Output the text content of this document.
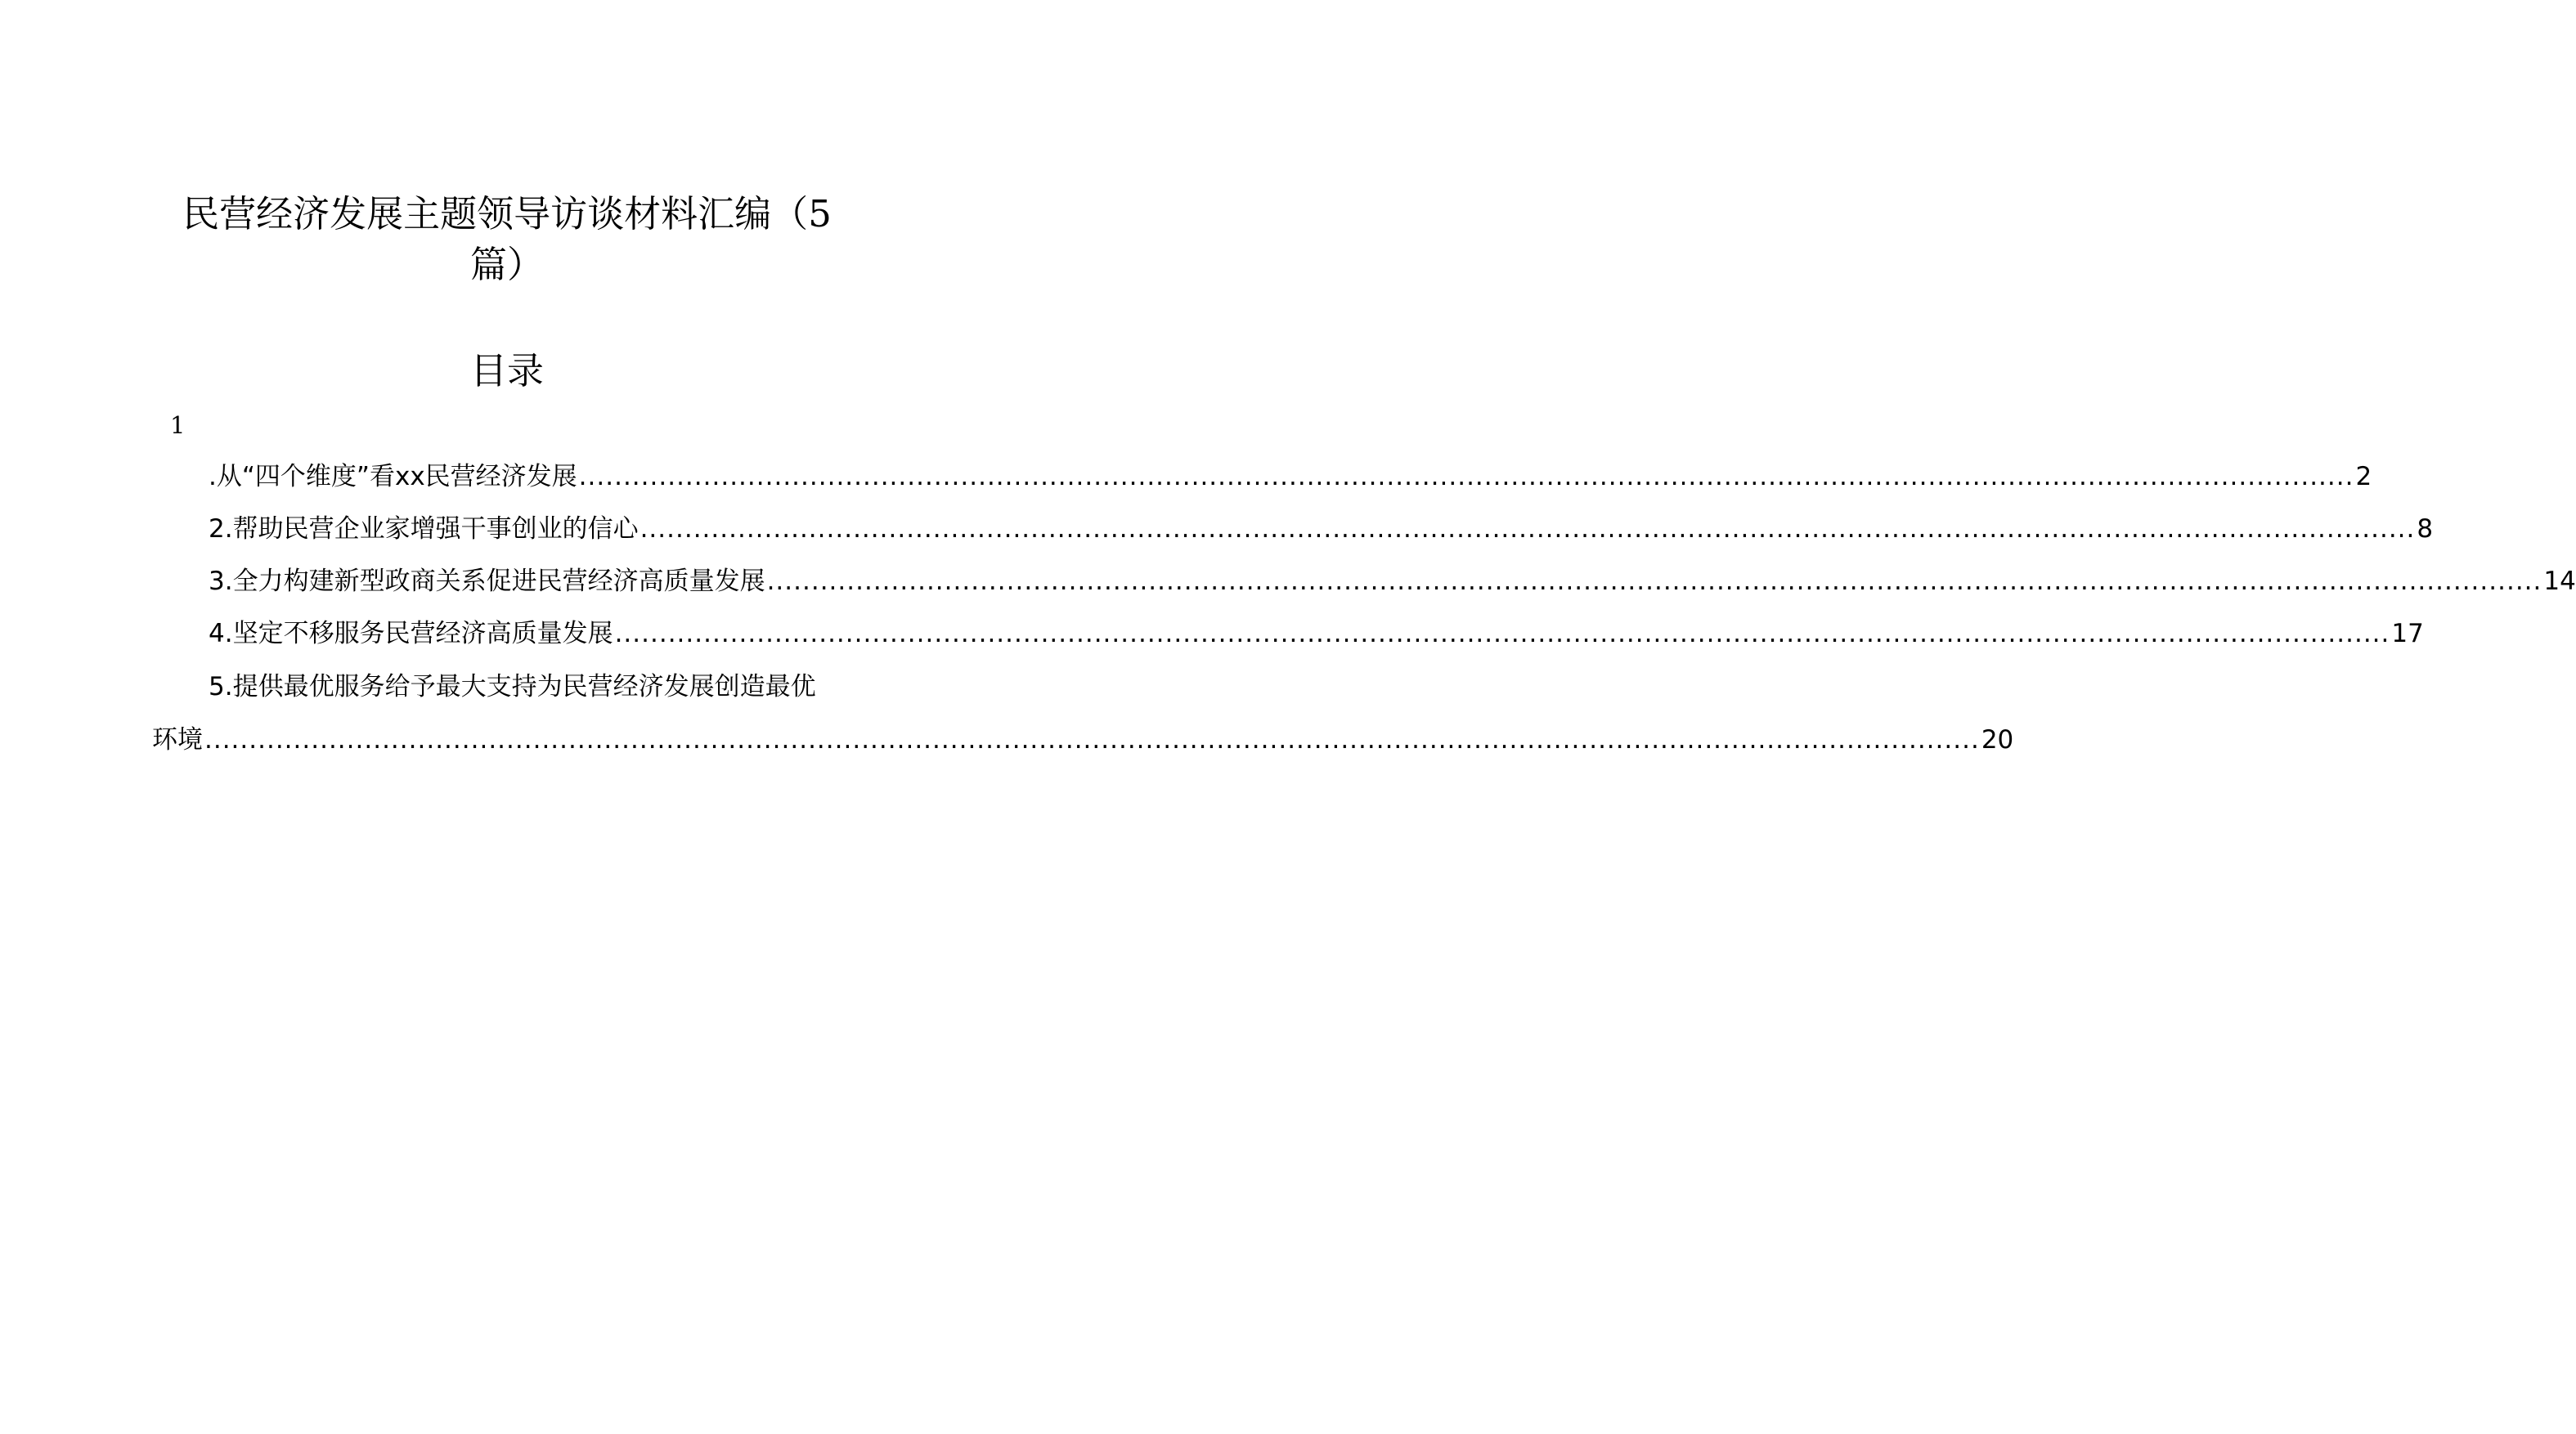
民营经济发展主题领导访谈材料汇编（5
篇）
目录
1
.从“四个维度”看xx民营经济发展 ........................................................................................................................................................................................................ 2
2.帮助民营企业家增强干事创业的信心 ........................................................................................................................................................................................................ 8
3.全力构建新型政商关系促进民营经济高质量发展 ........................................................................................................................................................................................................ 14
4.坚定不移服务民营经济高质量发展 ........................................................................................................................................................................................................ 17
5.提供最优服务给予最大支持为民营经济发展创造最优
环境 ........................................................................................................................................................................................................ 20
